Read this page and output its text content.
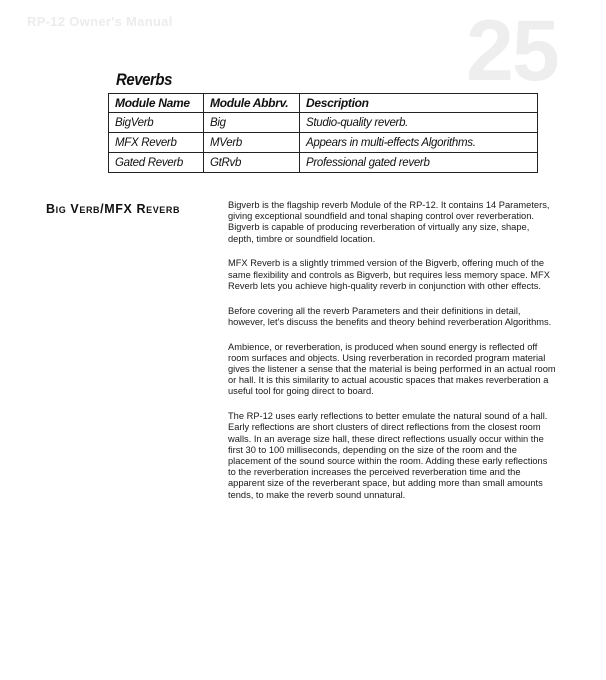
RP-12 Owner's Manual	25
Reverbs
Module Name	Module Abbrv.	Description
BigVerb	Big	Studio-quality reverb.
MFX Reverb	MVerb	Appears in multi-effects Algorithms.
Gated Reverb	GtRvb	Professional gated reverb
Big Verb/MFX Reverb	Bigverb is the flagship reverb Module of the RP-12. It contains 14 Parameters, giving exceptional soundfield and tonal shaping control over reverberation. Bigverb is capable of producing reverberation of virtually any size, shape, depth, timbre or soundfield location.

MFX Reverb is a slightly trimmed version of the Bigverb, offering much of the same flexibility and controls as Bigverb, but requires less memory space. MFX Reverb lets you achieve high-quality reverb in conjunction with other effects.

Before covering all the reverb Parameters and their definitions in detail, however, let's discuss the benefits and theory behind reverberation Algorithms.

Ambience, or reverberation, is produced when sound energy is reflected off room surfaces and objects. Using reverberation in recorded program material gives the listener a sense that the material is being performed in an actual room or hall. It is this similarity to actual acoustic spaces that makes reverberation a useful tool for going direct to board.

The RP-12 uses early reflections to better emulate the natural sound of a hall. Early reflections are short clusters of direct reflections from the closest room walls. In an average size hall, these direct reflections usually occur within the first 30 to 100 milliseconds, depending on the size of the room and the placement of the sound source within the room. Adding these early reflections to the reverberation increases the perceived reverberation time and the apparent size of the reverberant space, but adding more than small amounts tends, to make the reverb sound unnatural.
